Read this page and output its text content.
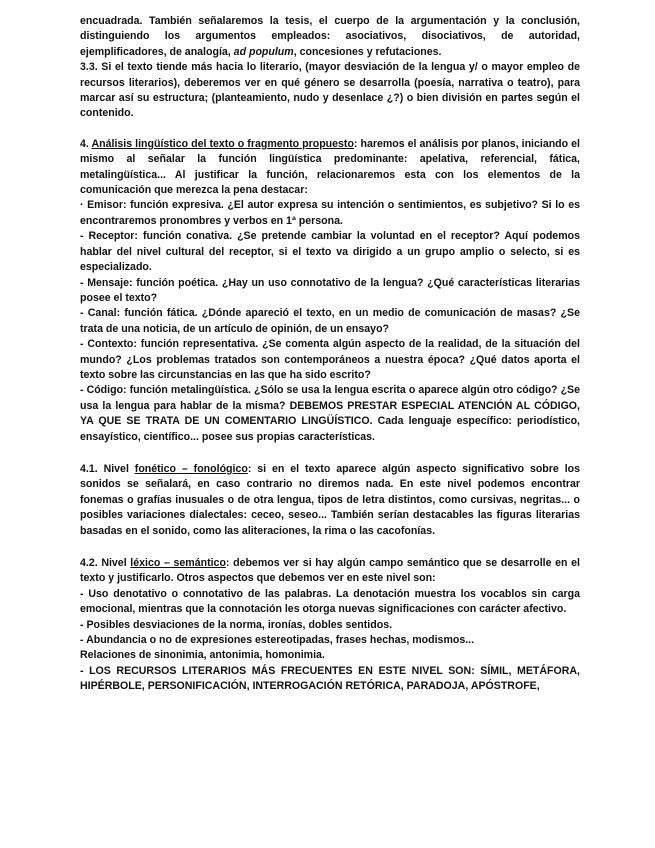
encuadrada. También señalaremos la tesis, el cuerpo de la argumentación y la conclusión, distinguiendo los argumentos empleados: asociativos, disociativos, de autoridad, ejemplificadores, de analogía, ad populum, concesiones y refutaciones.

3.3. Si el texto tiende más hacia lo literario, (mayor desviación de la lengua y/ o mayor empleo de recursos literarios), deberemos ver en qué género se desarrolla (poesía, narrativa o teatro), para marcar así su estructura; (planteamiento, nudo y desenlace ¿?) o bien división en partes según el contenido.

4. Análisis lingüístico del texto o fragmento propuesto: haremos el análisis por planos, iniciando el mismo al señalar la función lingüística predominante: apelativa, referencial, fática, metalingüística... Al justificar la función, relacionaremos esta con los elementos de la comunicación que merezca la pena destacar:

· Emisor: función expresiva. ¿El autor expresa su intención o sentimientos, es subjetivo? Si lo es encontraremos pronombres y verbos en 1ª persona.

- Receptor: función conativa. ¿Se pretende cambiar la voluntad en el receptor? Aquí podemos hablar del nivel cultural del receptor, si el texto va dirigido a un grupo amplio o selecto, si es especializado.

- Mensaje: función poética. ¿Hay un uso connotativo de la lengua? ¿Qué características literarias posee el texto?

- Canal: función fática. ¿Dónde apareció el texto, en un medio de comunicación de masas? ¿Se trata de una noticia, de un artículo de opinión, de un ensayo?

- Contexto: función representativa. ¿Se comenta algún aspecto de la realidad, de la situación del mundo? ¿Los problemas tratados son contemporáneos a nuestra época? ¿Qué datos aporta el texto sobre las circunstancias en las que ha sido escrito?

- Código: función metalingüística. ¿Sólo se usa la lengua escrita o aparece algún otro código? ¿Se usa la lengua para hablar de la misma? DEBEMOS PRESTAR ESPECIAL ATENCIÓN AL CÓDIGO, YA QUE SE TRATA DE UN COMENTARIO LINGÜÍSTICO. Cada lenguaje específico: periodístico, ensayístico, científico... posee sus propias características.

4.1. Nivel fonético – fonológico: si en el texto aparece algún aspecto significativo sobre los sonidos se señalará, en caso contrario no diremos nada. En este nivel podemos encontrar fonemas o grafías inusuales o de otra lengua, tipos de letra distintos, como cursivas, negritas... o posibles variaciones dialectales: ceceo, seseo... También serían destacables las figuras literarias basadas en el sonido, como las aliteraciones, la rima o las cacofonías.

4.2. Nivel léxico – semántico: debemos ver si hay algún campo semántico que se desarrolle en el texto y justificarlo. Otros aspectos que debemos ver en este nivel son:

- Uso denotativo o connotativo de las palabras. La denotación muestra los vocablos sin carga emocional, mientras que la connotación les otorga nuevas significaciones con carácter afectivo.

- Posibles desviaciones de la norma, ironías, dobles sentidos.

- Abundancia o no de expresiones estereotipadas, frases hechas, modismos...

Relaciones de sinonimia, antonimia, homonimia.

- LOS RECURSOS LITERARIOS MÁS FRECUENTES EN ESTE NIVEL SON: SÍMIL, METÁFORA, HIPÉRBOLE, PERSONIFICACIÓN, INTERROGACIÓN RETÓRICA, PARADOJA, APÓSTROFE,
